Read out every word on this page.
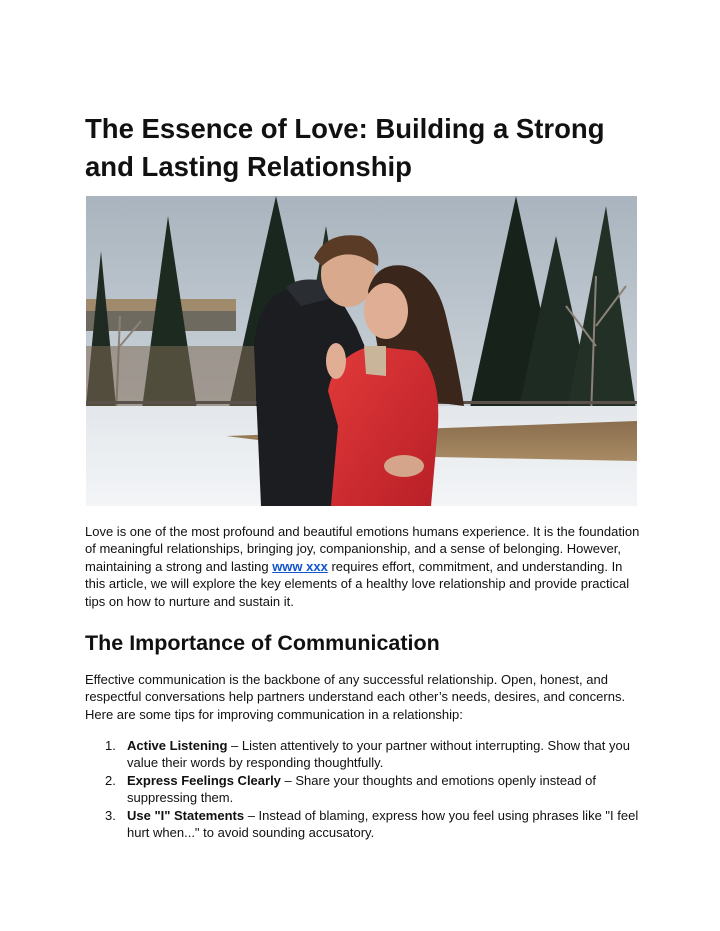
The Essence of Love: Building a Strong and Lasting Relationship

Love is one of the most profound and beautiful emotions humans experience. It is the foundation of meaningful relationships, bringing joy, companionship, and a sense of belonging. However, maintaining a strong and lasting www xxx requires effort, commitment, and understanding. In this article, we will explore the key elements of a healthy love relationship and provide practical tips on how to nurture and sustain it.

The Importance of Communication

Effective communication is the backbone of any successful relationship. Open, honest, and respectful conversations help partners understand each other’s needs, desires, and concerns. Here are some tips for improving communication in a relationship:

1. Active Listening – Listen attentively to your partner without interrupting. Show that you value their words by responding thoughtfully.
2. Express Feelings Clearly – Share your thoughts and emotions openly instead of suppressing them.
3. Use "I" Statements – Instead of blaming, express how you feel using phrases like "I feel hurt when..." to avoid sounding accusatory.
